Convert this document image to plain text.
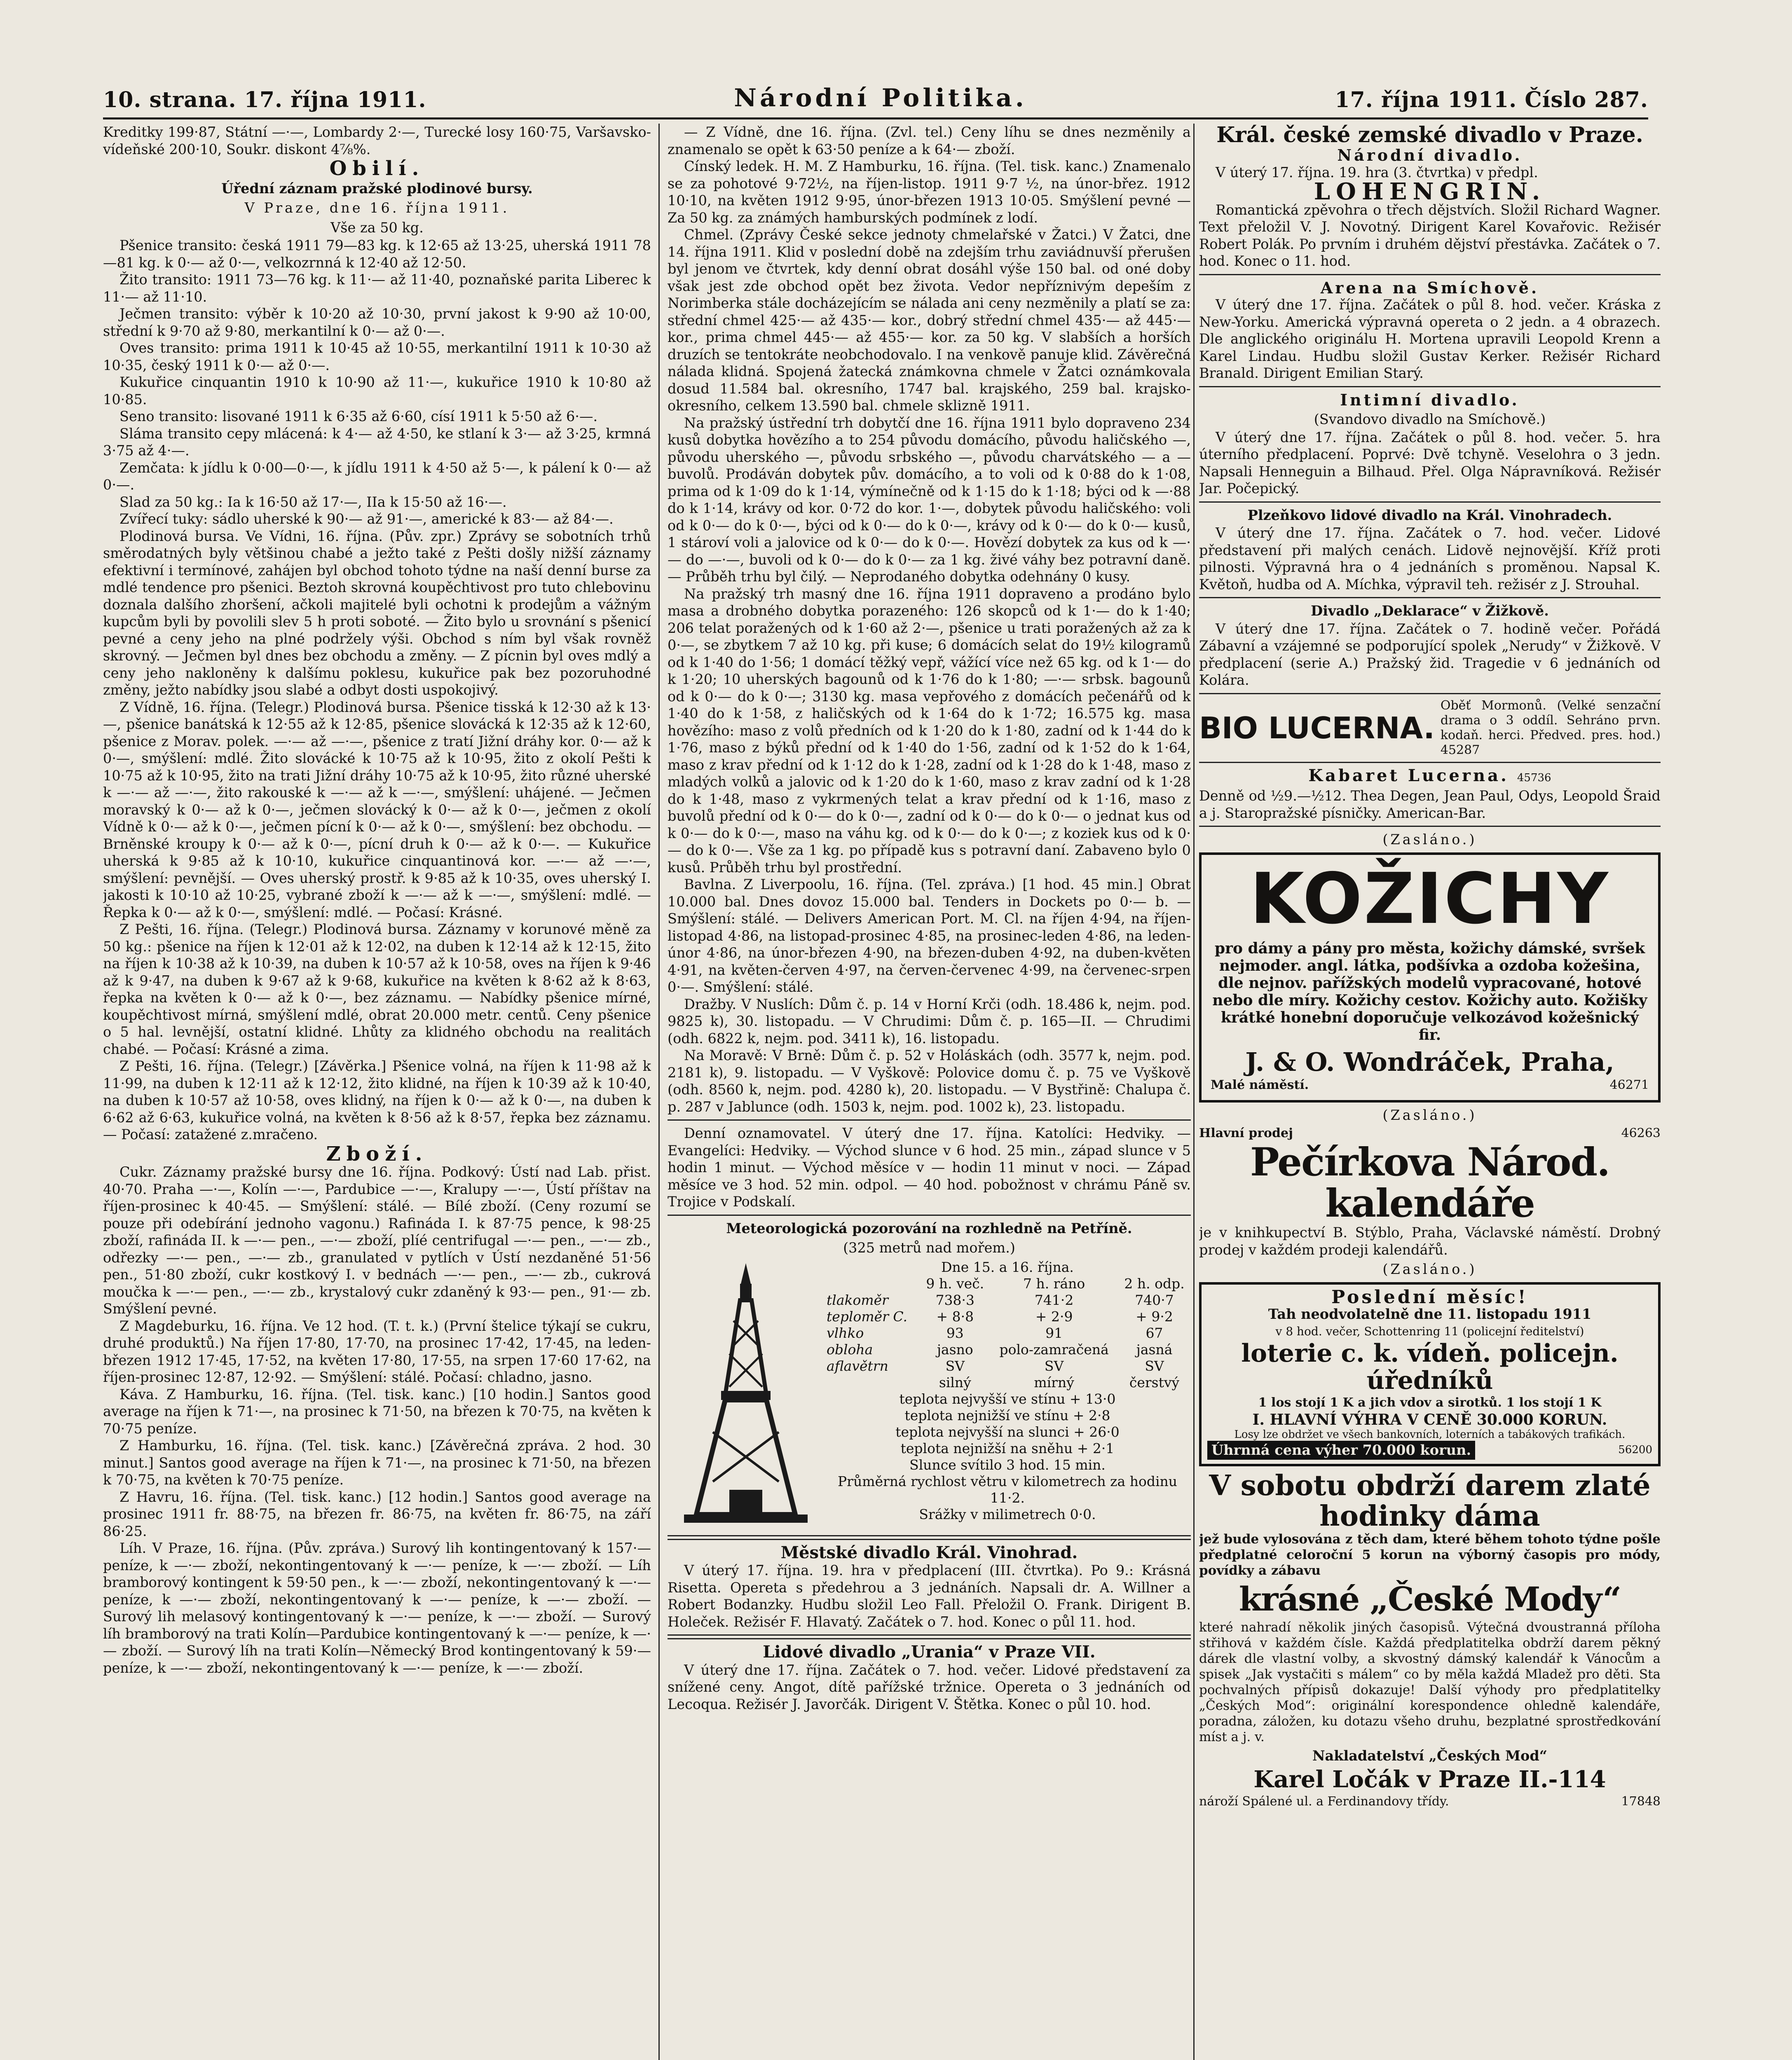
10. strana. 17. října 1911.	Národní Politika.	17. října 1911. Číslo 287.

Kreditky 199·87, Státní —·—, Lombardy 2·—, Turecké losy 160·75, Varšavsko-vídeňské 200·10, Soukr. diskont 4⅞%.

Obilí.
Úřední záznam pražské plodinové bursy.
V Praze, dne 16. října 1911.
Vše za 50 kg.

Pšenice transito: česká 1911 79—83 kg. k 12·65 až 13·25, uherská 1911 78—81 kg. k 0·— až 0·—, velkozrnná k 12·40 až 12·50.

Žito transito: 1911 73—76 kg. k 11·— až 11·40, poznaňské parita Liberec k 11·— až 11·10.

Ječmen transito: výběr k 10·20 až 10·30, první jakost k 9·90 až 10·00, střední k 9·70 až 9·80, merkantilní k 0·— až 0·—.

Oves transito: prima 1911 k 10·45 až 10·55, merkantilní 1911 k 10·30 až 10·35, český 1911 k 0·— až 0·—.

Kukuřice cinquantin 1910 k 10·90 až 11·—, kukuřice 1910 k 10·80 až 10·85.

Seno transito: lisované 1911 k 6·35 až 6·60, císí 1911 k 5·50 až 6·—.

Sláma transito cepy mlácená: k 4·— až 4·50, ke stlaní k 3·— až 3·25, krmná 3·75 až 4·—.

Zemčata: k jídlu k 0·00—0·—, k jídlu 1911 k 4·50 až 5·—, k pálení k 0·— až 0·—.

Slad za 50 kg.: Ia k 16·50 až 17·—, IIa k 15·50 až 16·—.

Zvířecí tuky: sádlo uherské k 90·— až 91·—, americké k 83·— až 84·—.

Plodinová bursa. Ve Vídni, 16. října. (Pův. zpr.) Zprávy se sobotních trhů směrodatných byly většinou chabé a ježto také z Pešti došly nižší záznamy efektivní i termínové, zahájen byl obchod tohoto týdne na naší denní burse za mdlé tendence pro pšenici. Beztoh skrovná koupěchtivost pro tuto chlebovinu doznala dalšího zhoršení, ačkoli majitelé byli ochotni k prodejům a vážným kupcům byli by povolili slev 5 h proti soboté. — Žito bylo u srovnání s pšenicí pevné a ceny jeho na plné podržely výši. Obchod s ním byl však rovněž skrovný. — Ječmen byl dnes bez obchodu a změny. — Z pícnin byl oves mdlý a ceny jeho nakloněny k dalšímu poklesu, kukuřice pak bez pozoruhodné změny, ježto nabídky jsou slabé a odbyt dosti uspokojivý.

Z Vídně, 16. října. (Telegr.) Plodinová bursa. Pšenice tisská k 12·30 až k 13·—, pšenice banátská k 12·55 až k 12·85, pšenice slovácká k 12·35 až k 12·60, pšenice z Morav. polek. —·— až —·—, pšenice z tratí Jižní dráhy kor. 0·— až k 0·—, smýšlení: mdlé. Žito slovácké k 10·75 až k 10·95, žito z okolí Pešti k 10·75 až k 10·95, žito na trati Jižní dráhy 10·75 až k 10·95, žito různé uherské k —·— až —·—, žito rakouské k —·— až k —·—, smýšlení: uhájené. — Ječmen moravský k 0·— až k 0·—, ječmen slovácký k 0·— až k 0·—, ječmen z okolí Vídně k 0·— až k 0·—, ječmen pícní k 0·— až k 0·—, smýšlení: bez obchodu. — Brněnské kroupy k 0·— až k 0·—, pícní druh k 0·— až k 0·—. — Kukuřice uherská k 9·85 až k 10·10, kukuřice cinquantinová kor. —·— až —·—, smýšlení: pevnější. — Oves uherský prostř. k 9·85 až k 10·35, oves uherský I. jakosti k 10·10 až 10·25, vybrané zboží k —·— až k —·—, smýšlení: mdlé. — Řepka k 0·— až k 0·—, smýšlení: mdlé. — Počasí: Krásné.

Z Pešti, 16. října. (Telegr.) Plodinová bursa. Záznamy v korunové měně za 50 kg.: pšenice na říjen k 12·01 až k 12·02, na duben k 12·14 až k 12·15, žito na říjen k 10·38 až k 10·39, na duben k 10·57 až k 10·58, oves na říjen k 9·46 až k 9·47, na duben k 9·67 až k 9·68, kukuřice na květen k 8·62 až k 8·63, řepka na květen k 0·— až k 0·—, bez záznamu. — Nabídky pšenice mírné, koupěchtivost mírná, smýšlení mdlé, obrat 20.000 metr. centů. Ceny pšenice o 5 hal. levnější, ostatní klidné. Lhůty za klidného obchodu na realitách chabé. — Počasí: Krásné a zima.

Z Pešti, 16. října. (Telegr.) [Závěrka.] Pšenice volná, na říjen k 11·98 až k 11·99, na duben k 12·11 až k 12·12, žito klidné, na říjen k 10·39 až k 10·40, na duben k 10·57 až 10·58, oves klidný, na říjen k 0·— až k 0·—, na duben k 6·62 až 6·63, kukuřice volná, na květen k 8·56 až k 8·57, řepka bez záznamu. — Počasí: zatažené z.mračeno.

Zboží.

Cukr. Záznamy pražské bursy dne 16. října. Podkový: Ústí nad Lab. přist. 40·70. Praha —·—, Kolín —·—, Pardubice —·—, Kralupy —·—, Ústí příštav na říjen-prosinec k 40·45. — Smýšlení: stálé. — Bílé zboží. (Ceny rozumí se pouze při odebírání jednoho vagonu.) Rafináda I. k 87·75 pence, k 98·25 zboží, rafináda II. k —·— pen., —·— zboží, plíé centrifugal —·— pen., —·— zb., odřezky —·— pen., —·— zb., granulated v pytlích v Ústí nezdaněné 51·56 pen., 51·80 zboží, cukr kostkový I. v bednách —·— pen., —·— zb., cukrová moučka k —·— pen., —·— zb., krystalový cukr zdaněný k 93·— pen., 91·— zb. Smýšlení pevné.

Z Magdeburku, 16. října. Ve 12 hod. (T. t. k.) (První štelice týkají se cukru, druhé produktů.) Na říjen 17·80, 17·70, na prosinec 17·42, 17·45, na leden-březen 1912 17·45, 17·52, na květen 17·80, 17·55, na srpen 17·60 17·62, na říjen-prosinec 12·87, 12·92. — Smýšlení: stálé. Počasí: chladno, jasno.

Káva. Z Hamburku, 16. října. (Tel. tisk. kanc.) [10 hodin.] Santos good average na říjen k 71·—, na prosinec k 71·50, na březen k 70·75, na květen k 70·75 peníze.

Z Hamburku, 16. října. (Tel. tisk. kanc.) [Závěrečná zpráva. 2 hod. 30 minut.] Santos good average na říjen k 71·—, na prosinec k 71·50, na březen k 70·75, na květen k 70·75 peníze.

Z Havru, 16. října. (Tel. tisk. kanc.) [12 hodin.] Santos good average na prosinec 1911 fr. 88·75, na březen fr. 86·75, na květen fr. 86·75, na září 86·25.

Líh. V Praze, 16. října. (Pův. zpráva.) Surový lih kontingentovaný k 157·— peníze, k —·— zboží, nekontingentovaný k —·— peníze, k —·— zboží. — Líh bramborový kontingent k 59·50 pen., k —·— zboží, nekontingentovaný k —·— peníze, k —·— zboží, nekontingentovaný k —·— peníze, k —·— zboží. — Surový lih melasový kontingentovaný k —·— peníze, k —·— zboží. — Surový líh bramborový na trati Kolín—Pardubice kontingentovaný k —·— peníze, k —·— zboží. — Surový líh na trati Kolín—Německý Brod kontingentovaný k 59·— peníze, k —·— zboží, nekontingentovaný k —·— peníze, k —·— zboží.

— Z Vídně, dne 16. října. (Zvl. tel.) Ceny líhu se dnes nezměnily a znamenalo se opět k 63·50 peníze a k 64·— zboží.

Cínský ledek. H. M. Z Hamburku, 16. října. (Tel. tisk. kanc.) Znamenalo se za pohotové 9·72½, na říjen-listop. 1911 9·7 ½, na únor-břez. 1912 10·10, na květen 1912 9·95, únor-březen 1913 10·05. Smýšlení pevné — Za 50 kg. za známých hamburských podmínek z lodí.

Chmel. (Zprávy České sekce jednoty chmelařské v Žatci.) V Žatci, dne 14. října 1911. Klid v poslední době na zdejším trhu zaviádnuvší přerušen byl jenom ve čtvrtek, kdy denní obrat dosáhl výše 150 bal. od oné doby však jest zde obchod opět bez života. Vedor nepříznivým depeším z Norimberka stále docházejícím se nálada ani ceny nezměnily a platí se za: střední chmel 425·— až 435·— kor., dobrý střední chmel 435·— až 445·— kor., prima chmel 445·— až 455·— kor. za 50 kg. V slabších a horších druzích se tentokráte neobchodovalo. I na venkově panuje klid. Závěrečná nálada klidná. Spojená žatecká známkovna chmele v Žatci oznámkovala dosud 11.584 bal. okresního, 1747 bal. krajského, 259 bal. krajsko-okresního, celkem 13.590 bal. chmele sklizně 1911.

Na pražský ústřední trh dobytčí dne 16. října 1911 bylo dopraveno 234 kusů dobytka hovězího a to 254 původu domácího, původu haličského —, původu uherského —, původu srbského —, původu charvátského — a — buvolů. Prodáván dobytek pův. domácího, a to voli od k 0·88 do k 1·08, prima od k 1·09 do k 1·14, výmínečně od k 1·15 do k 1·18; býci od k —·88 do k 1·14, krávy od kor. 0·72 do kor. 1·—, dobytek původu haličského: voli od k 0·— do k 0·—, býci od k 0·— do k 0·—, krávy od k 0·— do k 0·— kusů, 1 stároví voli a jalovice od k 0·— do k 0·—. Hovězí dobytek za kus od k —·— do —·—, buvoli od k 0·— do k 0·— za 1 kg. živé váhy bez potravní daně. — Průběh trhu byl čilý. — Neprodaného dobytka odehnány 0 kusy.

Na pražský trh masný dne 16. října 1911 dopraveno a prodáno bylo masa a drobného dobytka porazeného: 126 skopců od k 1·— do k 1·40; 206 telat poražených od k 1·60 až 2·—, pšenice u trati poražených až za k 0·—, se zbytkem 7 až 10 kg. při kuse; 6 domácích selat do 19½ kilogramů od k 1·40 do 1·56; 1 domácí těžký vepř, vážící více než 65 kg. od k 1·— do k 1·20; 10 uherských bagounů od k 1·76 do k 1·80; —·— srbsk. bagounů od k 0·— do k 0·—; 3130 kg. masa vepřového z domácích pečenářů od k 1·40 do k 1·58, z haličských od k 1·64 do k 1·72; 16.575 kg. masa hovězího: maso z volů předních od k 1·20 do k 1·80, zadní od k 1·44 do k 1·76, maso z býků přední od k 1·40 do 1·56, zadní od k 1·52 do k 1·64, maso z krav přední od k 1·12 do k 1·28, zadní od k 1·28 do k 1·48, maso z mladých volků a jalovic od k 1·20 do k 1·60, maso z krav zadní od k 1·28 do k 1·48, maso z vykrmených telat a krav přední od k 1·16, maso z buvolů přední od k 0·— do k 0·—, zadní od k 0·— do k 0·— o jednat kus od k 0·— do k 0·—, maso na váhu kg. od k 0·— do k 0·—; z koziek kus od k 0·— do k 0·—. Vše za 1 kg. po případě kus s potravní daní. Zabaveno bylo 0 kusů. Průběh trhu byl prostřední.

Bavlna. Z Liverpoolu, 16. října. (Tel. zpráva.) [1 hod. 45 min.] Obrat 10.000 bal. Dnes dovoz 15.000 bal. Tenders in Dockets po 0·— b. — Smýšlení: stálé. — Delivers American Port. M. Cl. na říjen 4·94, na říjen-listopad 4·86, na listopad-prosinec 4·85, na prosinec-leden 4·86, na leden-únor 4·86, na únor-březen 4·90, na březen-duben 4·92, na duben-květen 4·91, na květen-červen 4·97, na červen-červenec 4·99, na červenec-srpen 0·—. Smýšlení: stálé.

Dražby. V Nuslích: Dům č. p. 14 v Horní Krči (odh. 18.486 k, nejm. pod. 9825 k), 30. listopadu. — V Chrudimi: Dům č. p. 165—II. — Chrudimi (odh. 6822 k, nejm. pod. 3411 k), 16. listopadu.

Na Moravě: V Brně: Dům č. p. 52 v Holáskách (odh. 3577 k, nejm. pod. 2181 k), 9. listopadu. — V Vyškově: Polovice domu č. p. 75 ve Vyškově (odh. 8560 k, nejm. pod. 4280 k), 20. listopadu. — V Bystřině: Chalupa č. p. 287 v Jablunce (odh. 1503 k, nejm. pod. 1002 k), 23. listopadu.

Denní oznamovatel. V úterý dne 17. října. Katolíci: Hedviky. — Evangelíci: Hedviky. — Východ slunce v 6 hod. 25 min., západ slunce v 5 hodin 1 minut. — Východ měsíce v — hodin 11 minut v noci. — Západ měsíce ve 3 hod. 52 min. odpol. — 40 hod. pobožnost v chrámu Páně sv. Trojice v Podskalí.

Meteorologická pozorování na rozhledně na Petříně.
(325 metrů nad mořem.)
Dne 15. a 16. října.
	9 h. več.	7 h. ráno	2 h. odp.
tlakoměr	738·3	741·2	740·7
teploměr C.	+ 8·8	+ 2·9	+ 9·2
vlhko	93	91	67
obloha	jasno	polo-zamračená	jasná
aflavětrn	SV	SV	SV
	silný	mírný	čerstvý
teplota nejvyšší ve stínu + 13·0
teplota nejnižší ve stínu + 2·8
teplota nejvyšší na slunci + 26·0
teplota nejnižší na sněhu + 2·1
Slunce svítilo 3 hod. 15 min.
Průměrná rychlost větru v kilometrech za hodinu 11·2.
Srážky v milimetrech 0·0.
Městské divadlo Král. Vinohrad.

V úterý 17. října. 19. hra v předplacení (III. čtvrtka). Po 9.: Krásná Risetta. Opereta s předehrou a 3 jednáních. Napsali dr. A. Willner a Robert Bodanzky. Hudbu složil Leo Fall. Přeložil O. Frank. Dirigent B. Holeček. Režisér F. Hlavatý. Začátek o 7. hod. Konec o půl 11. hod.

Lidové divadlo „Urania“ v Praze VII.

V úterý dne 17. října. Začátek o 7. hod. večer. Lidové představení za snížené ceny. Angot, dítě pařížské tržnice. Opereta o 3 jednáních od Lecoqua. Režisér J. Javorčák. Dirigent V. Štětka. Konec o půl 10. hod.

Král. české zemské divadlo v Praze.
Národní divadlo.

V úterý 17. října. 19. hra (3. čtvrtka) v předpl.

LOHENGRIN.

Romantická zpěvohra o třech dějstvích. Složil Richard Wagner. Text přeložil V. J. Novotný. Dirigent Karel Kovařovic. Režisér Robert Polák. Po prvním i druhém dějství přestávka. Začátek o 7. hod. Konec o 11. hod.

Arena na Smíchově.

V úterý dne 17. října. Začátek o půl 8. hod. večer. Kráska z New-Yorku. Americká výpravná opereta o 2 jedn. a 4 obrazech. Dle anglického originálu H. Mortena upravili Leopold Krenn a Karel Lindau. Hudbu složil Gustav Kerker. Režisér Richard Branald. Dirigent Emilian Starý.

Intimní divadlo.
(Svandovo divadlo na Smíchově.)

V úterý dne 17. října. Začátek o půl 8. hod. večer. 5. hra úterního předplacení. Poprvé: Dvě tchyně. Veselohra o 3 jedn. Napsali Henneguin a Bilhaud. Přel. Olga Nápravníková. Režisér Jar. Počepický.

Plzeňkovo lidové divadlo na Král. Vinohradech.

V úterý dne 17. října. Začátek o 7. hod. večer. Lidové představení při malých cenách. Lidově nejnovější. Kříž proti pilnosti. Výpravná hra o 4 jednáních s proměnou. Napsal K. Květoň, hudba od A. Míchka, výpravil teh. režisér z J. Strouhal.

Divadlo „Deklarace“ v Žižkově.

V úterý dne 17. října. Začátek o 7. hodině večer. Pořádá Zábavní a vzájemné se podporující spolek „Nerudy“ v Žižkově. V předplacení (serie A.) Pražský žid. Tragedie v 6 jednáních od Kolára.

BIO LUCERNA.
Oběť Mormonů. (Velké senzační drama o 3 oddíl. Sehráno prvn. kodaň. herci. Předved. pres. hod.) 45287
Kabaret Lucerna. 45736

Denně od ½9.—½12. Thea Degen, Jean Paul, Odys, Leopold Šraid a j. Staropražské písničky. American-Bar.

(Zasláno.)
KOŽICHY
pro dámy a pány pro města, kožichy dámské, svršek nejmoder. angl. látka, podšívka a ozdoba kožešina, dle nejnov. pařížských modelů vypracované, hotové nebo dle míry. Kožichy cestov. Kožichy auto. Kožišky krátké honební doporučuje velkozávod kožešnický fir.
J. & O. Wondráček, Praha,
Malé náměstí.	46271
(Zasláno.)
Hlavní prodej	46263
Pečírkova Národ. kalendáře

je v knihkupectví B. Stýblo, Praha, Václavské náměstí. Drobný prodej v každém prodeji kalendářů.

(Zasláno.)
Poslední měsíc!
Tah neodvolatelně dne 11. listopadu 1911
v 8 hod. večer, Schottenring 11 (policejní ředitelství)
loterie c. k. vídeň. policejn. úředníků
1 los stojí 1 K a jich vdov a sirotků. 1 los stojí 1 K
I. HLAVNÍ VÝHRA V CENĚ 30.000 KORUN.
Losy lze obdržet ve všech bankovních, loterních a tabákových trafikách.
Úhrnná cena výher 70.000 korun.	56200
V sobotu obdrží darem zlaté hodinky dáma

jež bude vylosována z těch dam, které během tohoto týdne pošle předplatné celoroční 5 korun na výborný časopis pro módy, povídky a zábavu

krásné „České Mody“

které nahradí několik jiných časopisů. Výtečná dvoustranná příloha střihová v každém čísle. Každá předplatitelka obdrží darem pěkný dárek dle vlastní volby, a skvostný dámský kalendář k Vánocům a spisek „Jak vystačiti s málem“ co by měla každá Mladež pro děti. Sta pochvalných přípisů dokazuje! Další výhody pro předplatitelky „Českých Mod“: originální korespondence ohledně kalendáře, poradna, záložen, ku dotazu všeho druhu, bezplatné sprostředkování míst a j. v.

Nakladatelství „Českých Mod“
Karel Ločák v Praze II.-114
nároží Spálené ul. a Ferdinandovy třídy.	17848
